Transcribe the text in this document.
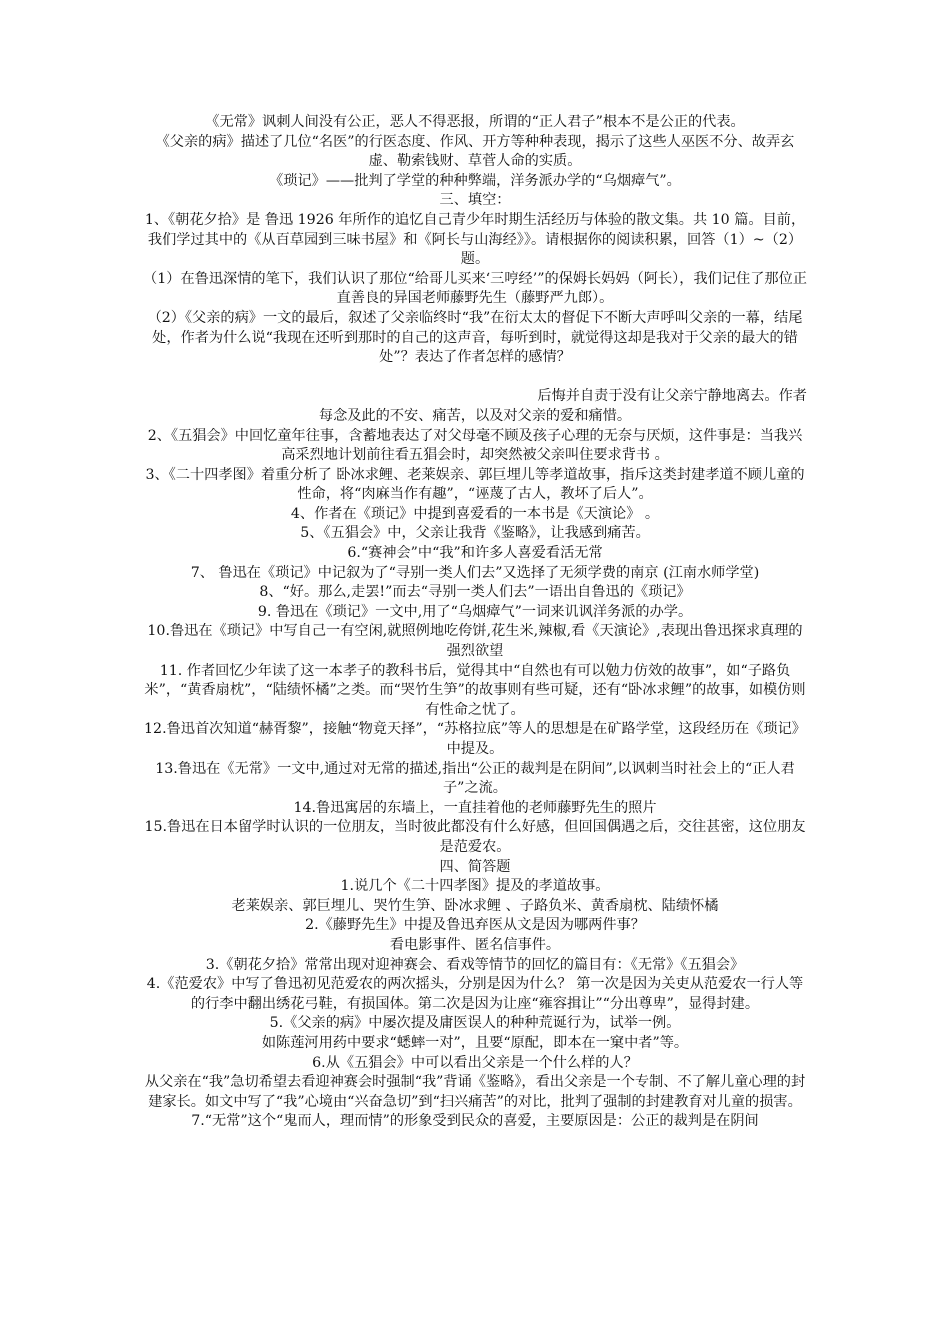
《无常》讽刺人间没有公正，恶人不得恶报，所谓的“正人君子”根本不是公正的代表。

《父亲的病》描述了几位“名医”的行医态度、作风、开方等种种表现，揭示了这些人巫医不分、故弄玄虚、勒索钱财、草菅人命的实质。

《琐记》——批判了学堂的种种弊端，洋务派办学的“乌烟瘴气”。

三、填空：

1、《朝花夕拾》是 鲁迅 1926 年所作的追忆自己青少年时期生活经历与体验的散文集。共 10 篇。目前，我们学过其中的《从百草园到三味书屋》和《阿长与山海经》》。请根据你的阅读积累，回答（1）~（2）题。

（1）在鲁迅深情的笔下，我们认识了那位“给哥儿买来‘三哼经’”的保姆长妈妈（阿长），我们记住了那位正直善良的异国老师藤野先生（藤野严九郎）。

（2）《父亲的病》一文的最后，叙述了父亲临终时“我”在衍太太的督促下不断大声呼叫父亲的一幕，结尾处，作者为什么说“我现在还听到那时的自己的这声音，每听到时，就觉得这却是我对于父亲的最大的错处”？表达了作者怎样的感情？

后悔并自责于没有让父亲宁静地离去。作者

每念及此的不安、痛苦，以及对父亲的爱和痛惜。

2、《五猖会》中回忆童年往事，含蓄地表达了对父母毫不顾及孩子心理的无奈与厌烦，这件事是：当我兴高采烈地计划前往看五猖会时，却突然被父亲叫住要求背书 。

3、《二十四孝图》着重分析了 卧冰求鲤、老莱娱亲、郭巨埋儿等孝道故事，指斥这类封建孝道不顾儿童的性命，将“肉麻当作有趣”，“诬蔑了古人，教坏了后人”。

4、作者在《琐记》中提到喜爱看的一本书是《天演论》 。

5、《五猖会》中，父亲让我背《鉴略》，让我感到痛苦。

6.“赛神会”中“我”和许多人喜爱看活无常

7、 鲁迅在《琐记》中记叙为了“寻别一类人们去”又选择了无须学费的南京 (江南水师学堂)

8、“好。那么,走罢!”而去“寻别一类人们去”一语出自鲁迅的《琐记》

9. 鲁迅在《琐记》一文中,用了“乌烟瘴气”一词来讥讽洋务派的办学。

10.鲁迅在《琐记》中写自己一有空闲,就照例地吃侉饼,花生米,辣椒,看《天演论》,表现出鲁迅探求真理的强烈欲望

11. 作者回忆少年读了这一本孝子的教科书后，觉得其中“自然也有可以勉力仿效的故事”，如“子路负米”，“黄香扇枕”，“陆绩怀橘”之类。而“哭竹生笋”的故事则有些可疑，还有“卧冰求鲤”的故事，如模仿则有性命之忧了。

12.鲁迅首次知道“赫胥黎”，接触“物竟天择”，“苏格拉底”等人的思想是在矿路学堂，这段经历在《琐记》中提及。

13.鲁迅在《无常》一文中,通过对无常的描述,指出“公正的裁判是在阴间”,以讽刺当时社会上的“正人君子”之流。

14.鲁迅寓居的东墙上，一直挂着他的老师藤野先生的照片

15.鲁迅在日本留学时认识的一位朋友，当时彼此都没有什么好感，但回国偶遇之后，交往甚密，这位朋友是范爱农。

四、简答题

1.说几个《二十四孝图》提及的孝道故事。

老莱娱亲、郭巨埋儿、哭竹生笋、卧冰求鲤 、子路负米、黄香扇枕、陆绩怀橘

2.《藤野先生》中提及鲁迅弃医从文是因为哪两件事？

看电影事件、匿名信事件。

3.《朝花夕拾》常常出现对迎神赛会、看戏等情节的回忆的篇目有：《无常》《五猖会》

4.《范爱农》中写了鲁迅初见范爱农的两次摇头，分别是因为什么？ 第一次是因为关吏从范爱农一行人等的行李中翻出绣花弓鞋，有损国体。第二次是因为让座“雍容揖让”“分出尊卑”，显得封建。

5.《父亲的病》中屡次提及庸医误人的种种荒诞行为，试举一例。

如陈莲河用药中要求“蟋蟀一对”，且要“原配，即本在一窠中者”等。

6.从《五猖会》中可以看出父亲是一个什么样的人？

从父亲在“我”急切希望去看迎神赛会时强制“我”背诵《鉴略》，看出父亲是一个专制、不了解儿童心理的封建家长。如文中写了“我”心境由“兴奋急切”到“扫兴痛苦”的对比，批判了强制的封建教育对儿童的损害。

7.“无常”这个“鬼而人，理而情”的形象受到民众的喜爱，主要原因是：公正的裁判是在阴间
